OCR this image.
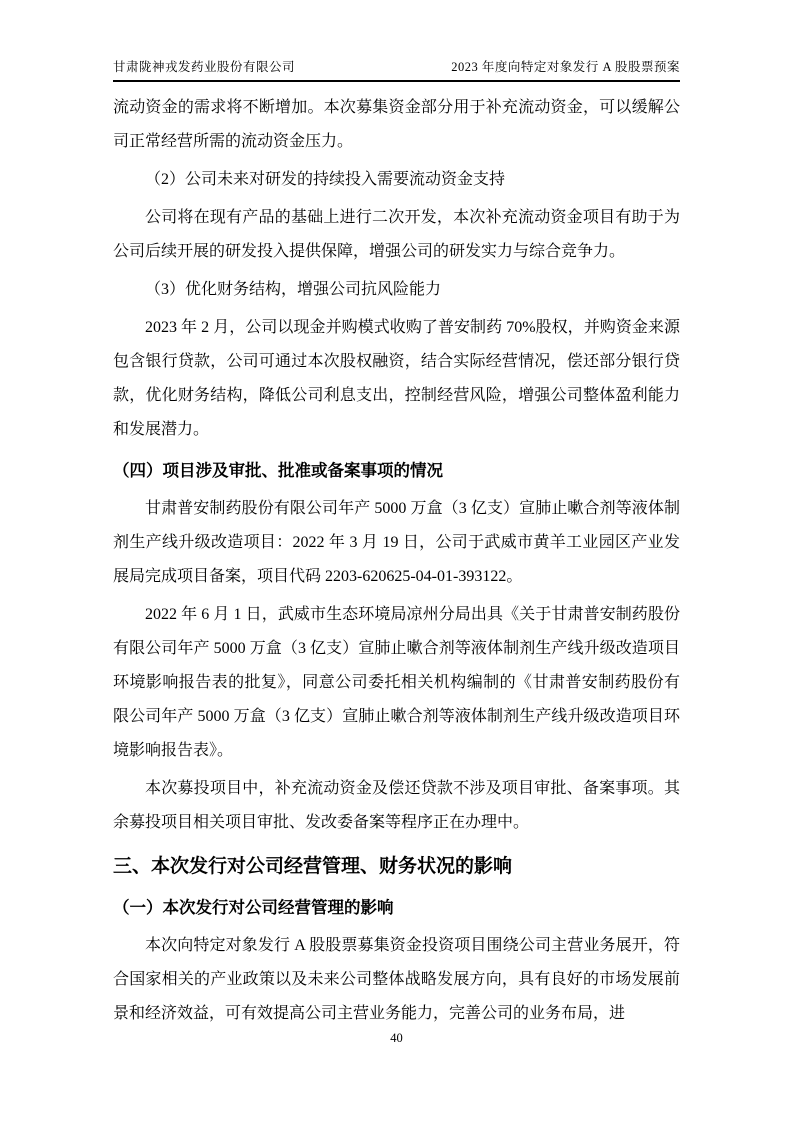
甘肃陇神戎发药业股份有限公司	2023 年度向特定对象发行 A 股股票预案

流动资金的需求将不断增加。本次募集资金部分用于补充流动资金，可以缓解公司正常经营所需的流动资金压力。

（2）公司未来对研发的持续投入需要流动资金支持

公司将在现有产品的基础上进行二次开发，本次补充流动资金项目有助于为公司后续开展的研发投入提供保障，增强公司的研发实力与综合竞争力。

（3）优化财务结构，增强公司抗风险能力

2023 年 2 月，公司以现金并购模式收购了普安制药 70%股权，并购资金来源包含银行贷款，公司可通过本次股权融资，结合实际经营情况，偿还部分银行贷款，优化财务结构，降低公司利息支出，控制经营风险，增强公司整体盈利能力和发展潜力。

（四）项目涉及审批、批准或备案事项的情况

甘肃普安制药股份有限公司年产 5000 万盒（3 亿支）宣肺止嗽合剂等液体制剂生产线升级改造项目：2022 年 3 月 19 日，公司于武威市黄羊工业园区产业发展局完成项目备案，项目代码 2203-620625-04-01-393122。

2022 年 6 月 1 日，武威市生态环境局凉州分局出具《关于甘肃普安制药股份有限公司年产 5000 万盒（3 亿支）宣肺止嗽合剂等液体制剂生产线升级改造项目环境影响报告表的批复》，同意公司委托相关机构编制的《甘肃普安制药股份有限公司年产 5000 万盒（3 亿支）宣肺止嗽合剂等液体制剂生产线升级改造项目环境影响报告表》。

本次募投项目中，补充流动资金及偿还贷款不涉及项目审批、备案事项。其余募投项目相关项目审批、发改委备案等程序正在办理中。

三、本次发行对公司经营管理、财务状况的影响
（一）本次发行对公司经营管理的影响

本次向特定对象发行 A 股股票募集资金投资项目围绕公司主营业务展开，符合国家相关的产业政策以及未来公司整体战略发展方向，具有良好的市场发展前景和经济效益，可有效提高公司主营业务能力，完善公司的业务布局，进

40
